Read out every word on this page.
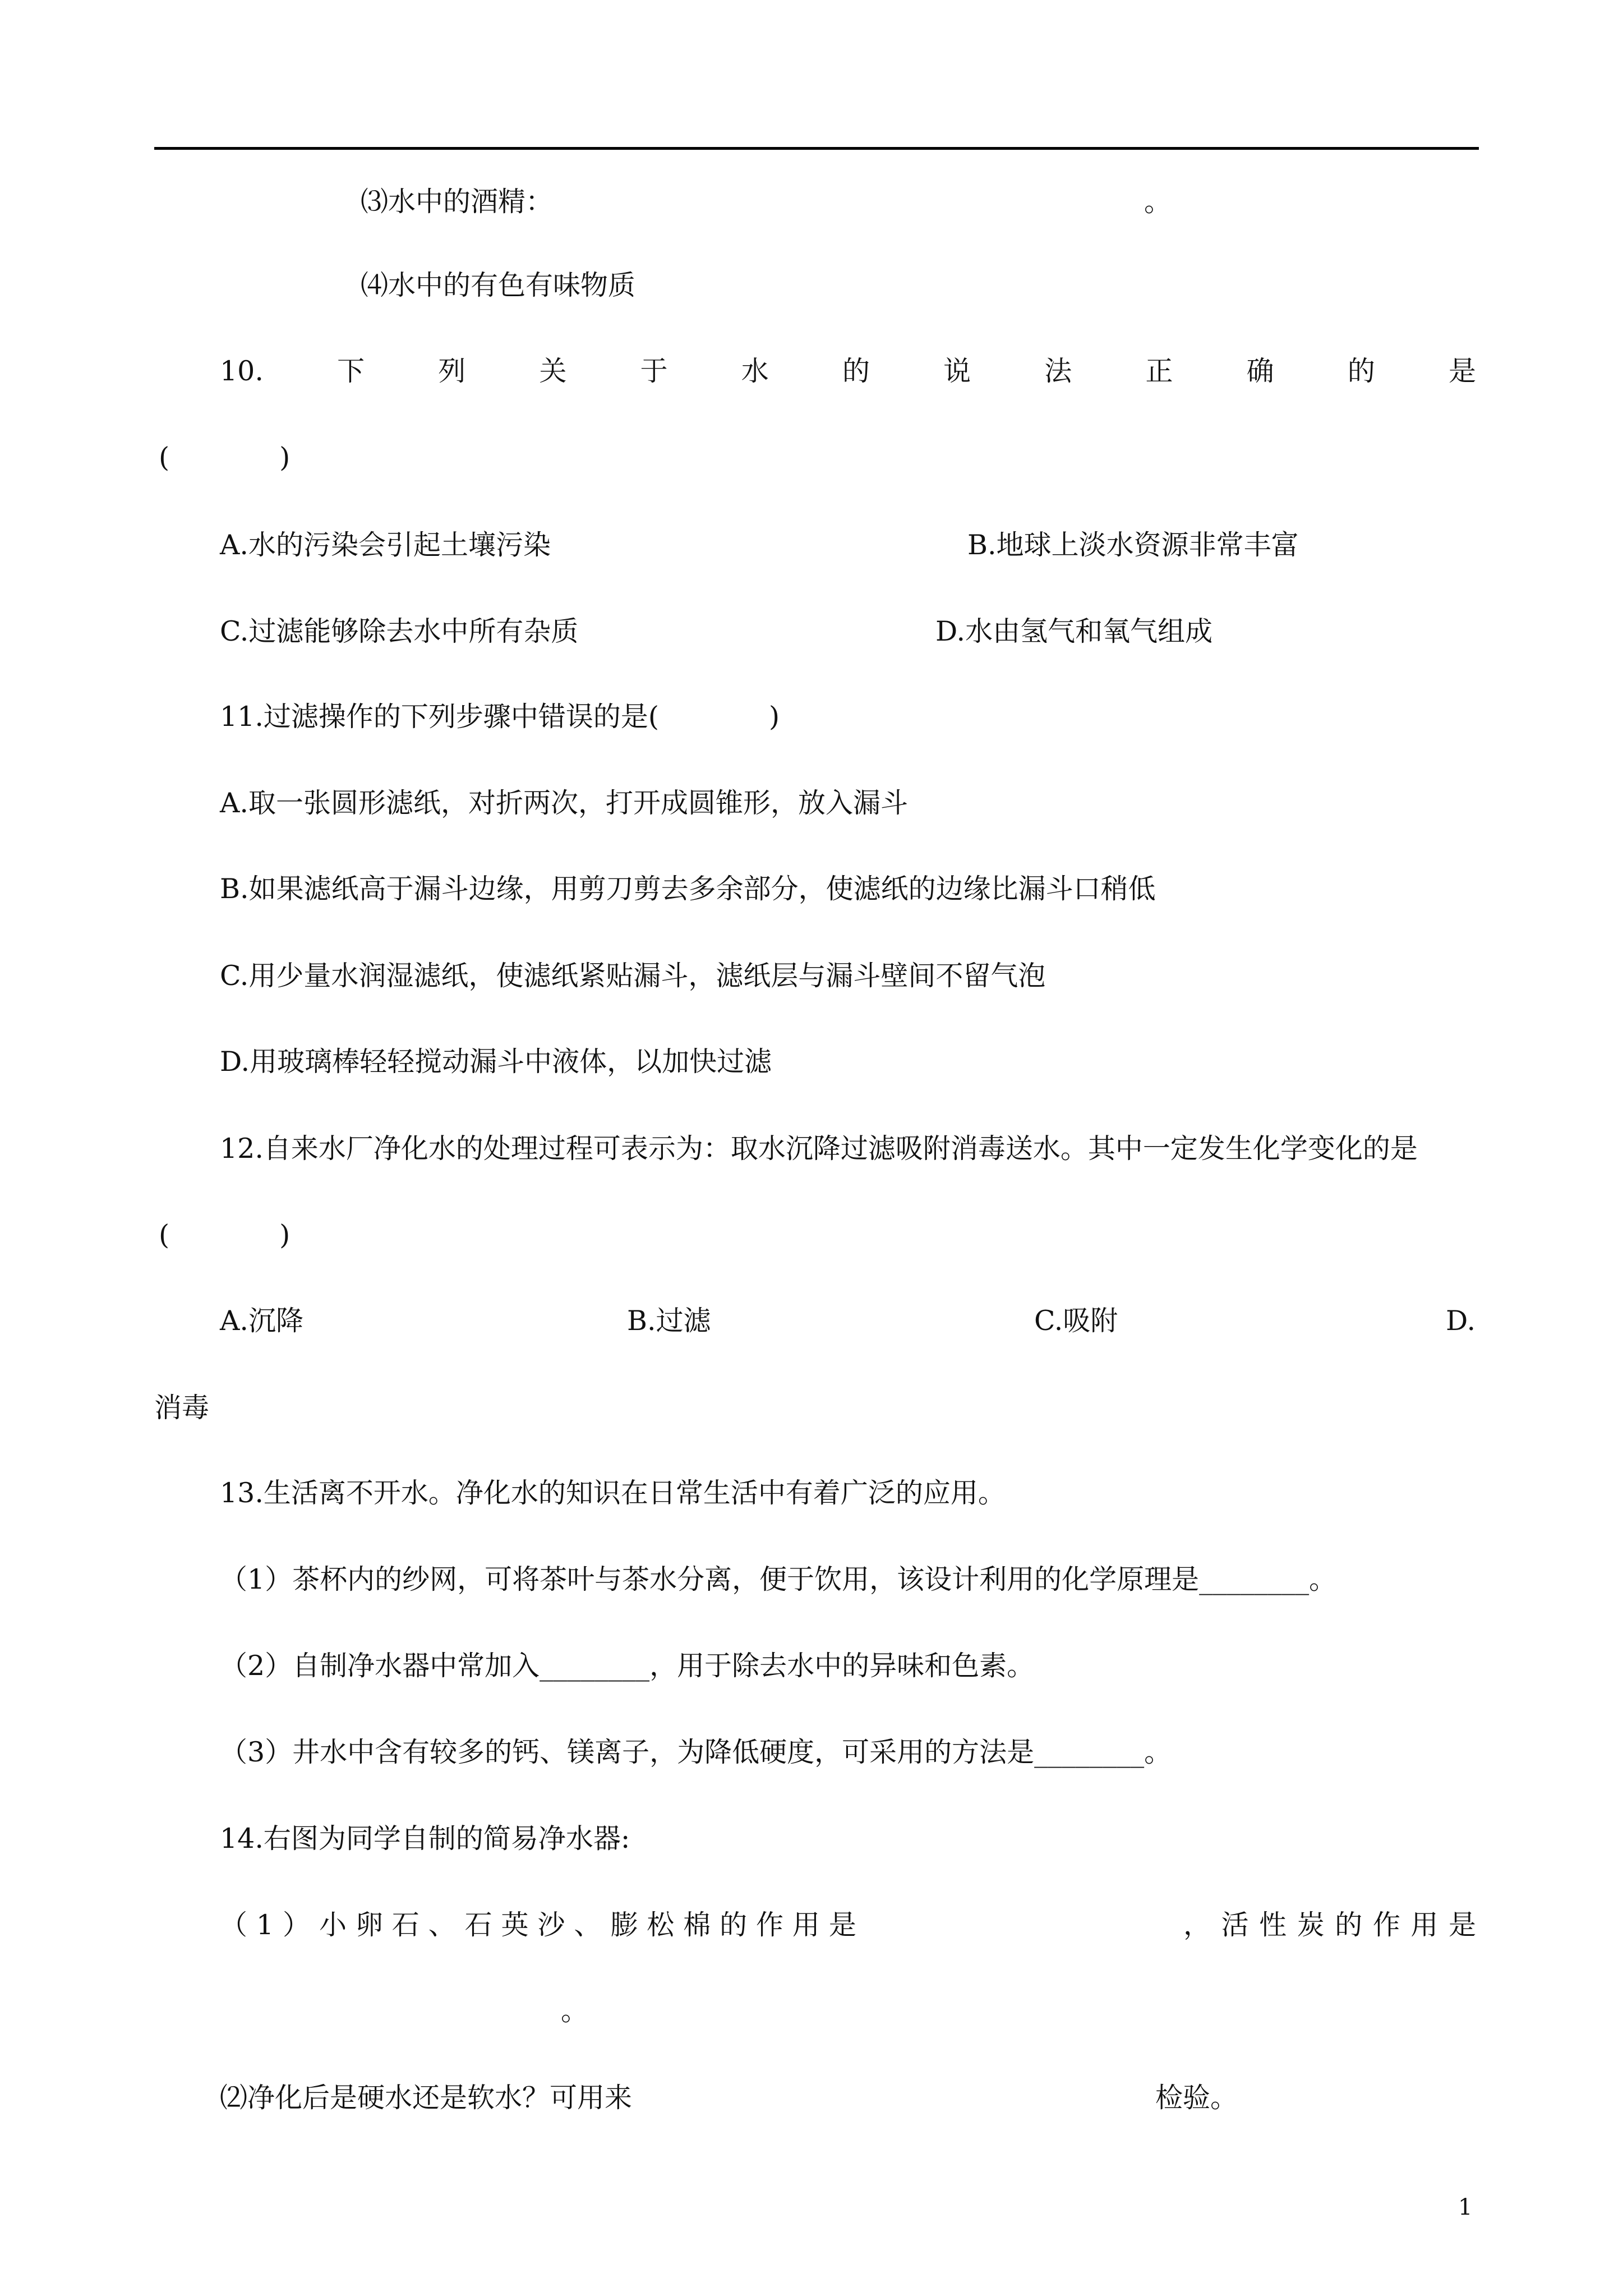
⑶水中的酒精：	。
⑷水中的有色有味物质
10.	下	列	关	于	水	的	说	法	正	确	的	是
(　　　　)
A.水的污染会引起土壤污染	B.地球上淡水资源非常丰富
C.过滤能够除去水中所有杂质	D.水由氢气和氧气组成
11.过滤操作的下列步骤中错误的是(　　　　)
A.取一张圆形滤纸，对折两次，打开成圆锥形，放入漏斗
B.如果滤纸高于漏斗边缘，用剪刀剪去多余部分，使滤纸的边缘比漏斗口稍低
C.用少量水润湿滤纸，使滤纸紧贴漏斗，滤纸层与漏斗壁间不留气泡
D.用玻璃棒轻轻搅动漏斗中液体，以加快过滤
12.自来水厂净化水的处理过程可表示为：取水沉降过滤吸附消毒送水。其中一定发生化学变化的是
(　　　　)
A.沉降	B.过滤	C.吸附	D.
消毒
13.生活离不开水。净化水的知识在日常生活中有着广泛的应用。
（1）茶杯内的纱网，可将茶叶与茶水分离，便于饮用，该设计利用的化学原理是________。
（2）自制净水器中常加入________，用于除去水中的异味和色素。
（3）井水中含有较多的钙、镁离子，为降低硬度，可采用的方法是________。
14.右图为同学自制的简易净水器:
（ 1 ） 小 卵 石 、 石 英 沙 、 膨 松 棉 的 作 用 是	， 活 性 炭 的 作 用 是
。
⑵净化后是硬水还是软水？可用来	检验。
1
